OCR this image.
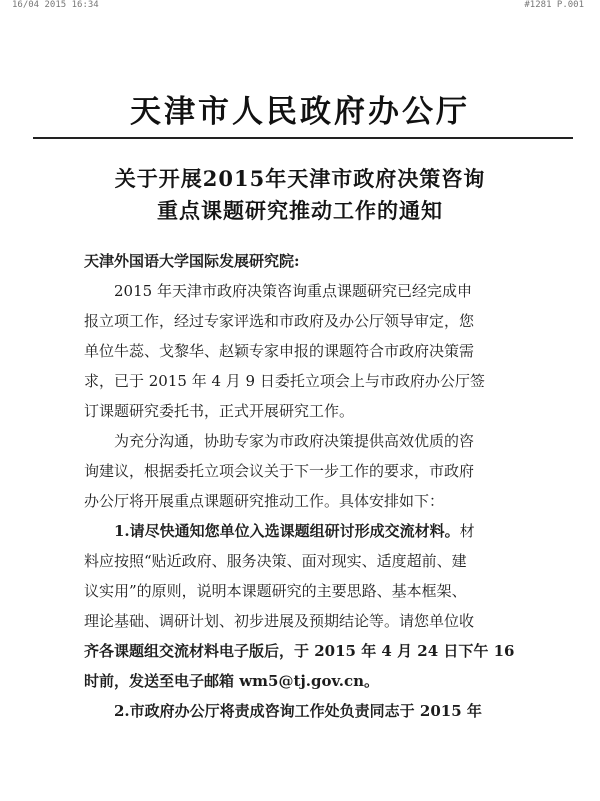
16/04 2015 16:34	#1281 P.001
天津市人民政府办公厅
关于开展2015年天津市政府决策咨询
重点课题研究推动工作的通知

天津外国语大学国际发展研究院:

2015 年天津市政府决策咨询重点课题研究已经完成申

报立项工作，经过专家评选和市政府及办公厅领导审定，您

单位牛蕊、戈黎华、赵颖专家申报的课题符合市政府决策需

求，已于 2015 年 4 月 9 日委托立项会上与市政府办公厅签

订课题研究委托书，正式开展研究工作。

为充分沟通，协助专家为市政府决策提供高效优质的咨

询建议，根据委托立项会议关于下一步工作的要求，市政府

办公厅将开展重点课题研究推动工作。具体安排如下：

1.请尽快通知您单位入选课题组研讨形成交流材料。材

料应按照“贴近政府、服务决策、面对现实、适度超前、建

议实用”的原则，说明本课题研究的主要思路、基本框架、

理论基础、调研计划、初步进展及预期结论等。请您单位收

齐各课题组交流材料电子版后，于 2015 年 4 月 24 日下午 16

时前，发送至电子邮箱 wm5@tj.gov.cn。

2.市政府办公厅将责成咨询工作处负责同志于 2015 年
